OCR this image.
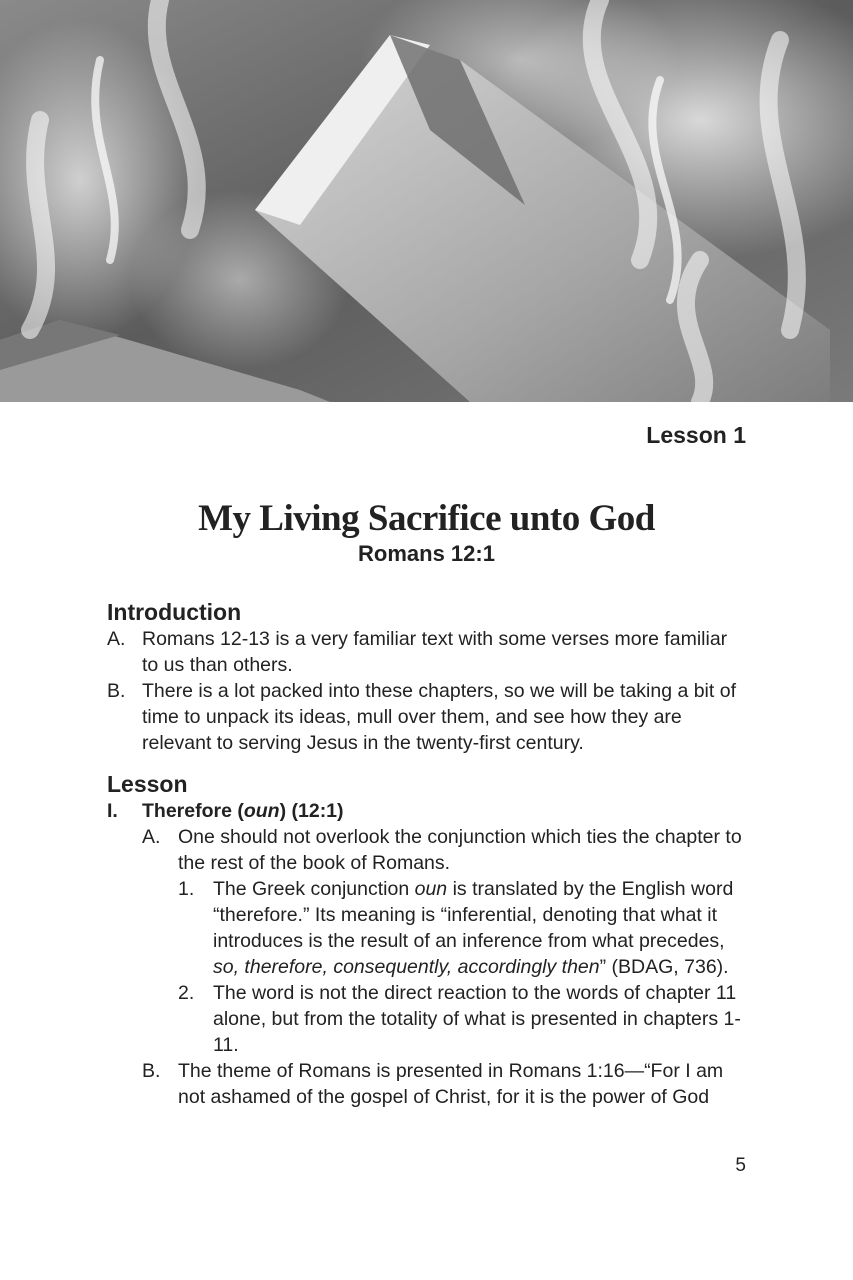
Lesson 1
My Living Sacrifice unto God
Romans 12:1
Introduction
A. Romans 12-13 is a very familiar text with some verses more familiar to us than others.
B. There is a lot packed into these chapters, so we will be taking a bit of time to unpack its ideas, mull over them, and see how they are relevant to serving Jesus in the twenty-first century.
Lesson
I.	Therefore (oun) (12:1)
A. One should not overlook the conjunction which ties the chapter to the rest of the book of Romans.
1. The Greek conjunction oun is translated by the English word “therefore.” Its meaning is “inferential, denoting that what it introduces is the result of an inference from what precedes, so, therefore, consequently, accordingly then” (BDAG, 736).
2. The word is not the direct reaction to the words of chapter 11 alone, but from the totality of what is presented in chapters 1-11.
B. The theme of Romans is presented in Romans 1:16—“For I am not ashamed of the gospel of Christ, for it is the power of God
5
